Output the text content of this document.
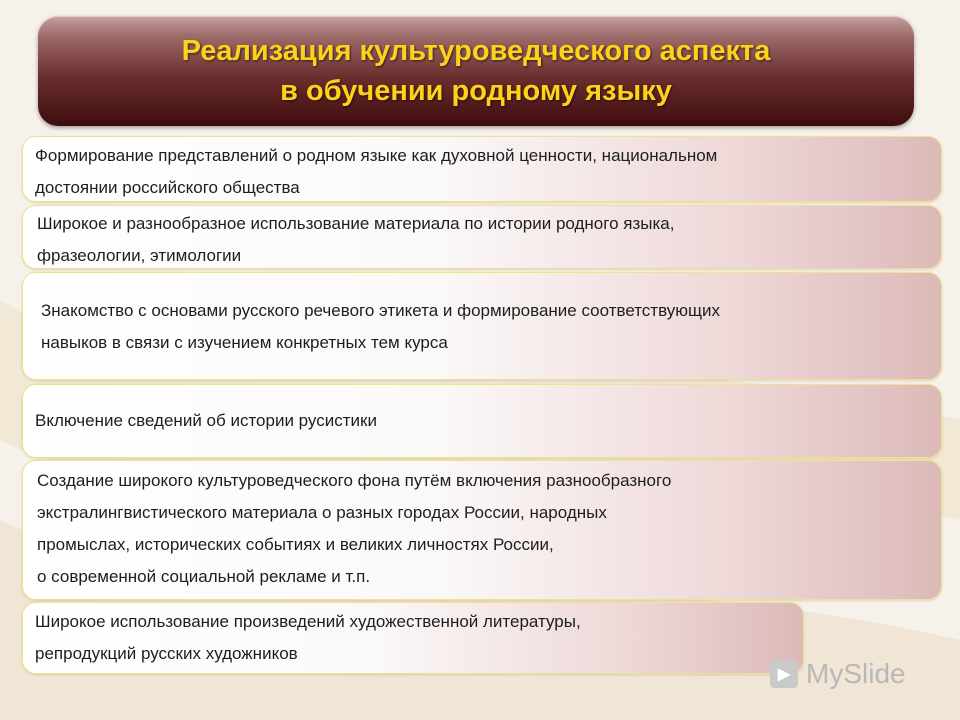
Реализация культуроведческого аспекта
в обучении родному языку
Формирование представлений о родном языке как духовной ценности, национальном
достоянии российского общества
Широкое и разнообразное использование материала по истории родного языка,
фразеологии, этимологии
Знакомство с основами русского речевого этикета и формирование соответствующих
навыков в связи с изучением конкретных тем курса
Включение сведений об истории русистики
Создание широкого культуроведческого фона путём включения разнообразного
экстралингвистического материала о разных городах России, народных
промыслах, исторических событиях и великих личностях России,
о современной социальной рекламе и т.п.
Широкое использование произведений художественной литературы,
репродукций русских художников
▶ MySlide
